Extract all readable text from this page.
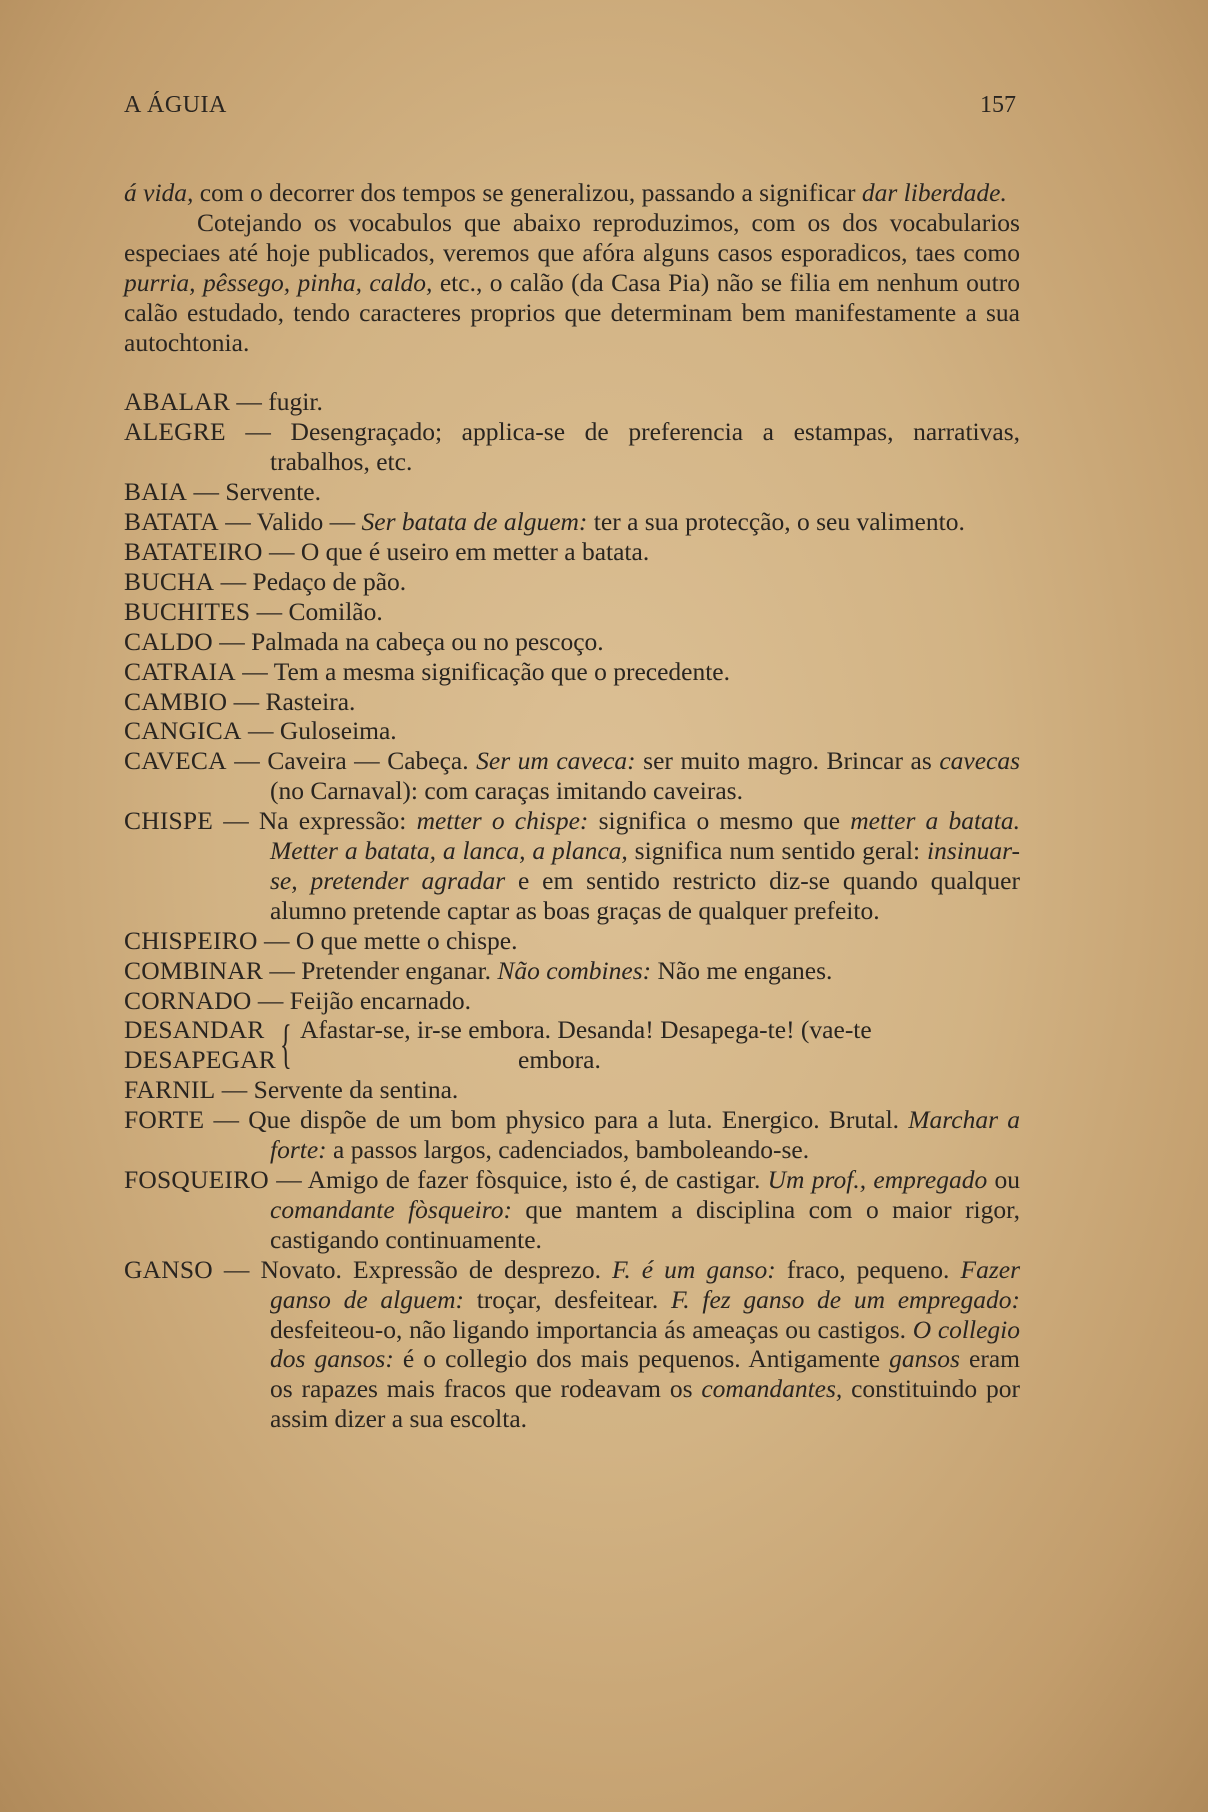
A ÁGUIA	157

á vida, com o decorrer dos tempos se generalizou, passando a significar dar liberdade.

Cotejando os vocabulos que abaixo reproduzimos, com os dos vocabularios especiaes até hoje publicados, veremos que afóra alguns casos esporadicos, taes como purria, pêssego, pinha, caldo, etc., o calão (da Casa Pia) não se filia em nenhum outro calão estudado, tendo caracteres proprios que determinam bem manifestamente a sua autochtonia.

ABALAR — fugir.

ALEGRE — Desengraçado; applica-se de preferencia a estampas, narrativas, trabalhos, etc.

BAIA — Servente.

BATATA — Valido — Ser batata de alguem: ter a sua protecção, o seu valimento.

BATATEIRO — O que é useiro em metter a batata.

BUCHA — Pedaço de pão.

BUCHITES — Comilão.

CALDO — Palmada na cabeça ou no pescoço.

CATRAIA — Tem a mesma significação que o precedente.

CAMBIO — Rasteira.

CANGICA — Guloseima.

CAVECA — Caveira — Cabeça. Ser um caveca: ser muito magro. Brincar as cavecas (no Carnaval): com caraças imitando caveiras.

CHISPE — Na expressão: metter o chispe: significa o mesmo que metter a batata. Metter a batata, a lanca, a planca, significa num sentido geral: insinuar-se, pretender agradar e em sentido restricto diz-se quando qualquer alumno pretende captar as boas graças de qualquer prefeito.

CHISPEIRO — O que mette o chispe.

COMBINAR — Pretender enganar. Não combines: Não me enganes.

CORNADO — Feijão encarnado.

DESANDAR
DESAPEGAR { Afastar-se, ir-se embora. Desanda! Desapega-te! (vae-te
embora.

FARNIL — Servente da sentina.

FORTE — Que dispõe de um bom physico para a luta. Energico. Brutal. Marchar a forte: a passos largos, cadenciados, bamboleando-se.

FOSQUEIRO — Amigo de fazer fòsquice, isto é, de castigar. Um prof., empregado ou comandante fòsqueiro: que mantem a disciplina com o maior rigor, castigando continuamente.

GANSO — Novato. Expressão de desprezo. F. é um ganso: fraco, pequeno. Fazer ganso de alguem: troçar, desfeitear. F. fez ganso de um empregado: desfeiteou-o, não ligando importancia ás ameaças ou castigos. O collegio dos gansos: é o collegio dos mais pequenos. Antigamente gansos eram os rapazes mais fracos que rodeavam os comandantes, constituindo por assim dizer a sua escolta.
